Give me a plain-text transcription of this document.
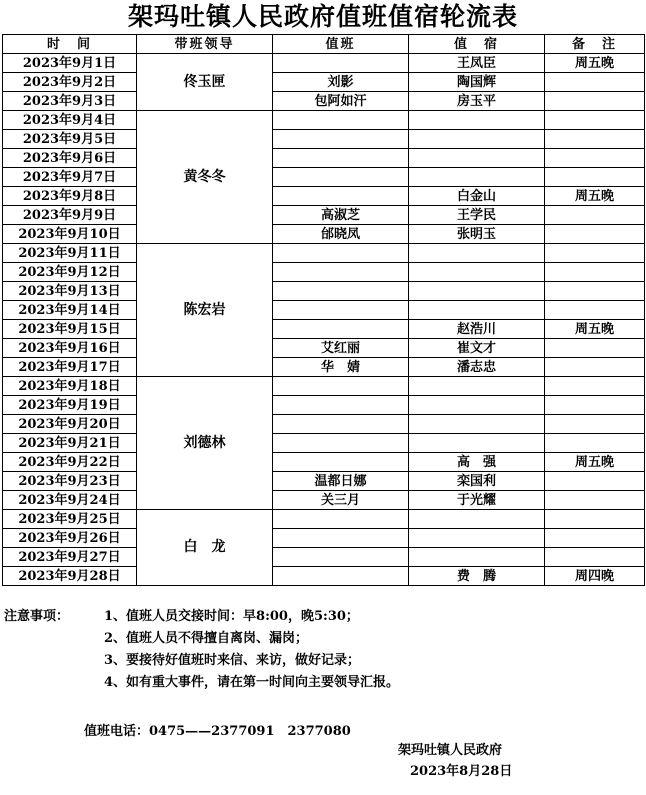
架玛吐镇人民政府值班值宿轮流表
时　间	带班领导	值班	值　宿	备　注
2023年9月1日	佟玉匣		王凤臣	周五晚
2023年9月2日		刘影	陶国辉	
2023年9月3日		包阿如汗	房玉平	
2023年9月4日	黄冬冬			
2023年9月5日				
2023年9月6日				
2023年9月7日				
2023年9月8日			白金山	周五晚
2023年9月9日		高淑芝	王学民	
2023年9月10日		邰晓凤	张明玉	
2023年9月11日	陈宏岩			
2023年9月12日				
2023年9月13日				
2023年9月14日				
2023年9月15日			赵浩川	周五晚
2023年9月16日		艾红丽	崔文才	
2023年9月17日		华　婧	潘志忠	
2023年9月18日	刘德林			
2023年9月19日				
2023年9月20日				
2023年9月21日				
2023年9月22日			高　强	周五晚
2023年9月23日		温都日娜	栾国利	
2023年9月24日		关三月	于光耀	
2023年9月25日	白　龙			
2023年9月26日				
2023年9月27日				
2023年9月28日			费　腾	周四晚
注意事项：	1、值班人员交接时间：早8:00，晚5:30；
2、值班人员不得擅自离岗、漏岗；
3、要接待好值班时来信、来访，做好记录；
4、如有重大事件，请在第一时间向主要领导汇报。
值班电话：0475——2377091　2377080
架玛吐镇人民政府
2023年8月28日
